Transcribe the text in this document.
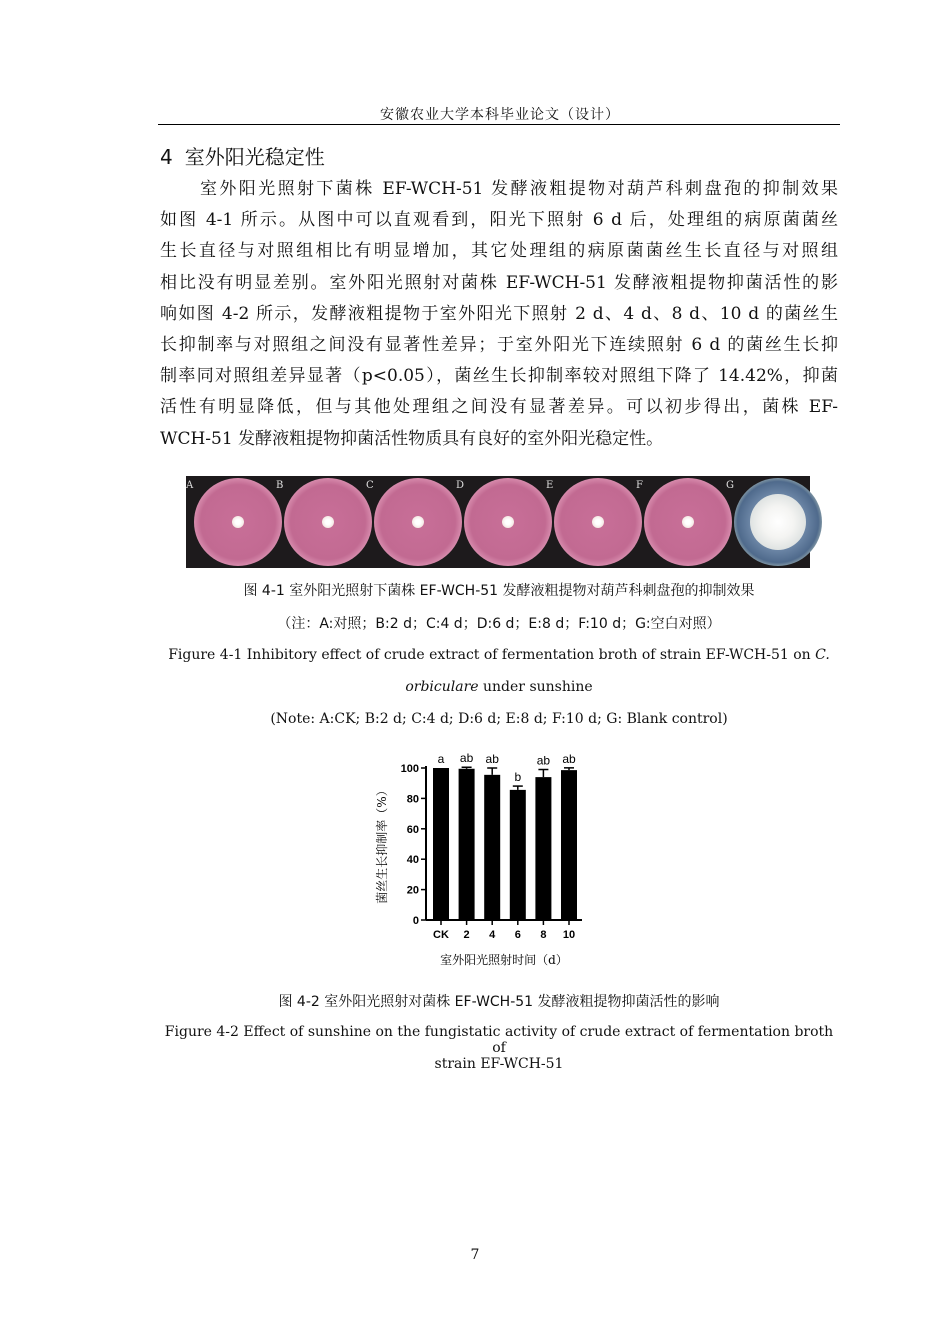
安徽农业大学本科毕业论文（设计）
4 室外阳光稳定性
室外阳光照射下菌株 EF-WCH-51 发酵液粗提物对葫芦科刺盘孢的抑制效果
如图 4-1 所示。从图中可以直观看到，阳光下照射 6 d 后，处理组的病原菌菌丝
生长直径与对照组相比有明显增加，其它处理组的病原菌菌丝生长直径与对照组
相比没有明显差别。室外阳光照射对菌株 EF-WCH-51 发酵液粗提物抑菌活性的影
响如图 4-2 所示，发酵液粗提物于室外阳光下照射 2 d、4 d、8 d、10 d 的菌丝生
长抑制率与对照组之间没有显著性差异；于室外阳光下连续照射 6 d 的菌丝生长抑
制率同对照组差异显著（p<0.05），菌丝生长抑制率较对照组下降了 14.42%，抑菌
活性有明显降低，但与其他处理组之间没有显著差异。可以初步得出，菌株 EF-
WCH-51 发酵液粗提物抑菌活性物质具有良好的室外阳光稳定性。
A	B	C	D	E	F	G
图 4-1 室外阳光照射下菌株 EF-WCH-51 发酵液粗提物对葫芦科刺盘孢的抑制效果
（注：A:对照；B:2 d；C:4 d；D:6 d；E:8 d；F:10 d；G:空白对照）
Figure 4-1 Inhibitory effect of crude extract of fermentation broth of strain EF-WCH-51 on C.
orbiculare under sunshine
(Note: A:CK; B:2 d; C:4 d; D:6 d; E:8 d; F:10 d; G: Blank control)
0
20
40
60
80
100
CK
a
2
ab
4
ab
6
b
8
ab
10
ab
菌丝生长抑制率（%）
室外阳光照射时间（d）
图 4-2 室外阳光照射对菌株 EF-WCH-51 发酵液粗提物抑菌活性的影响
Figure 4-2 Effect of sunshine on the fungistatic activity of crude extract of fermentation broth of
strain EF-WCH-51
7
